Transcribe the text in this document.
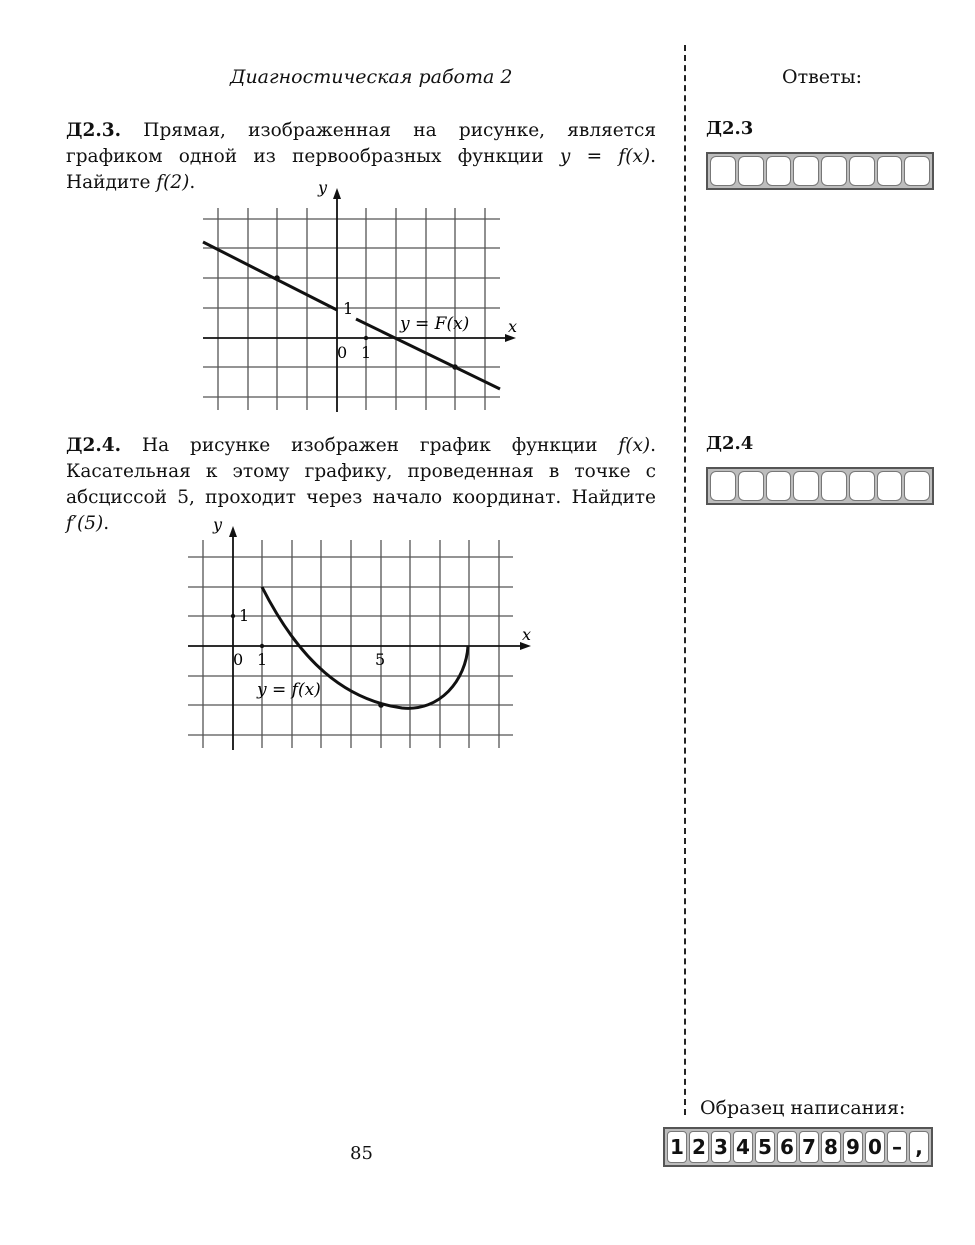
Диагностическая работа 2	Ответы:
Д2.3. Прямая, изображенная на рисунке, является графиком одной из первообразных функции y = f(x). Найдите f(2).	y
x
0 1
1
y = F(x)
Д2.4. На рисунке изображен график функции f(x). Касательная к этому графику, проведенная в точке с абсциссой 5, проходит через начало координат. Найдите f′(5).	y
x
0 1	5
1
y = f(x)
Д2.3
Д2.4
Образец написания:
1 2 3 4 5 6 7 8 9 0 – ,
85
